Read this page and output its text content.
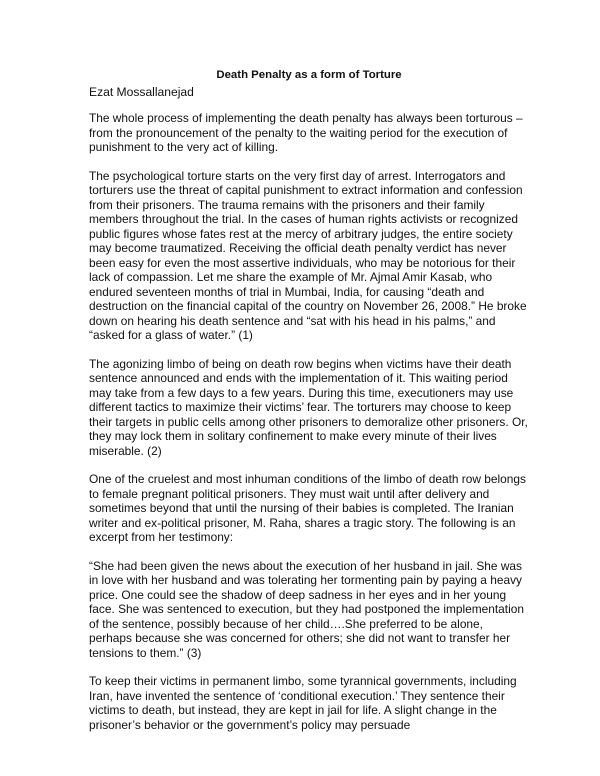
Death Penalty as a form of Torture
Ezat Mossallanejad

The whole process of implementing the death penalty has always been torturous – from the pronouncement of the penalty to the waiting period for the execution of punishment to the very act of killing.

The psychological torture starts on the very first day of arrest. Interrogators and torturers use the threat of capital punishment to extract information and confession from their prisoners. The trauma remains with the prisoners and their family members throughout the trial. In the cases of human rights activists or recognized public figures whose fates rest at the mercy of arbitrary judges, the entire society may become traumatized. Receiving the official death penalty verdict has never been easy for even the most assertive individuals, who may be notorious for their lack of compassion. Let me share the example of Mr. Ajmal Amir Kasab, who endured seventeen months of trial in Mumbai, India, for causing “death and destruction on the financial capital of the country on November 26, 2008.” He broke down on hearing his death sentence and “sat with his head in his palms,” and “asked for a glass of water.” (1)

The agonizing limbo of being on death row begins when victims have their death sentence announced and ends with the implementation of it. This waiting period may take from a few days to a few years. During this time, executioners may use different tactics to maximize their victims’ fear. The torturers may choose to keep their targets in public cells among other prisoners to demoralize other prisoners. Or, they may lock them in solitary confinement to make every minute of their lives miserable. (2)

One of the cruelest and most inhuman conditions of the limbo of death row belongs to female pregnant political prisoners. They must wait until after delivery and sometimes beyond that until the nursing of their babies is completed. The Iranian writer and ex-political prisoner, M. Raha, shares a tragic story. The following is an excerpt from her testimony:

“She had been given the news about the execution of her husband in jail. She was in love with her husband and was tolerating her tormenting pain by paying a heavy price. One could see the shadow of deep sadness in her eyes and in her young face. She was sentenced to execution, but they had postponed the implementation of the sentence, possibly because of her child….She preferred to be alone, perhaps because she was concerned for others; she did not want to transfer her tensions to them.” (3)

To keep their victims in permanent limbo, some tyrannical governments, including Iran, have invented the sentence of ‘conditional execution.’ They sentence their victims to death, but instead, they are kept in jail for life. A slight change in the prisoner’s behavior or the government’s policy may persuade
